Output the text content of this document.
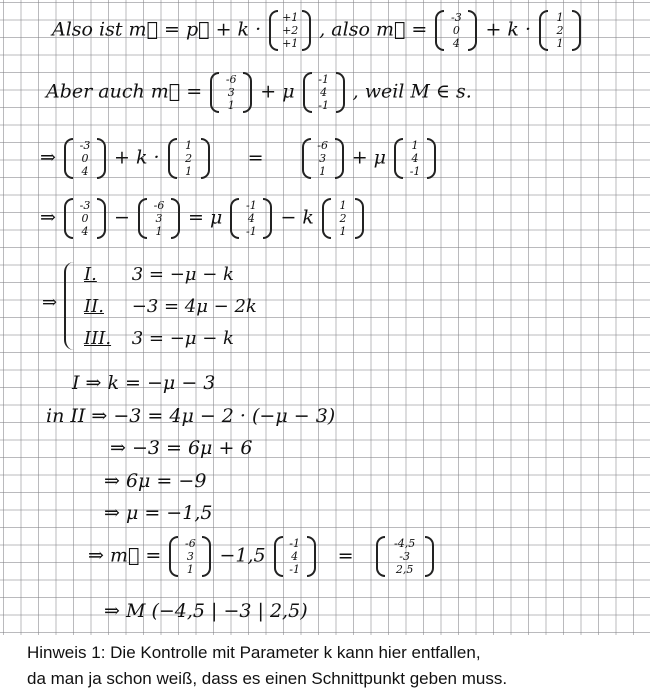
Also ist m⃗ = p⃗ + k ·
+1
+2
+1
, also m⃗ =
-3
0
4
+ k ·
1
2
1
Aber auch m⃗ =
-6
3
1
+ μ
-1
4
-1
, weil M ∈ s.
⇒
-3
0
4
+ k ·
1
2
1
=
-6
3
1
+ μ
1
4
-1
⇒
-3
0
4
−
-6
3
1
= μ
-1
4
-1
− k
1
2
1
⇒
I. 3 = −μ − k
II. −3 = 4μ − 2k
III. 3 = −μ − k
I ⇒ k = −μ − 3
in II ⇒ −3 = 4μ − 2 · (−μ − 3)
⇒ −3 = 6μ + 6
⇒ 6μ = −9
⇒ μ = −1,5
⇒ m⃗ =
-6
3
1
−1,5
-1
4
-1
=
-4,5
-3
2,5
⇒ M (−4,5 | −3 | 2,5)
Hinweis 1: Die Kontrolle mit Parameter k kann hier entfallen,
da man ja schon weiß, dass es einen Schnittpunkt geben muss.
